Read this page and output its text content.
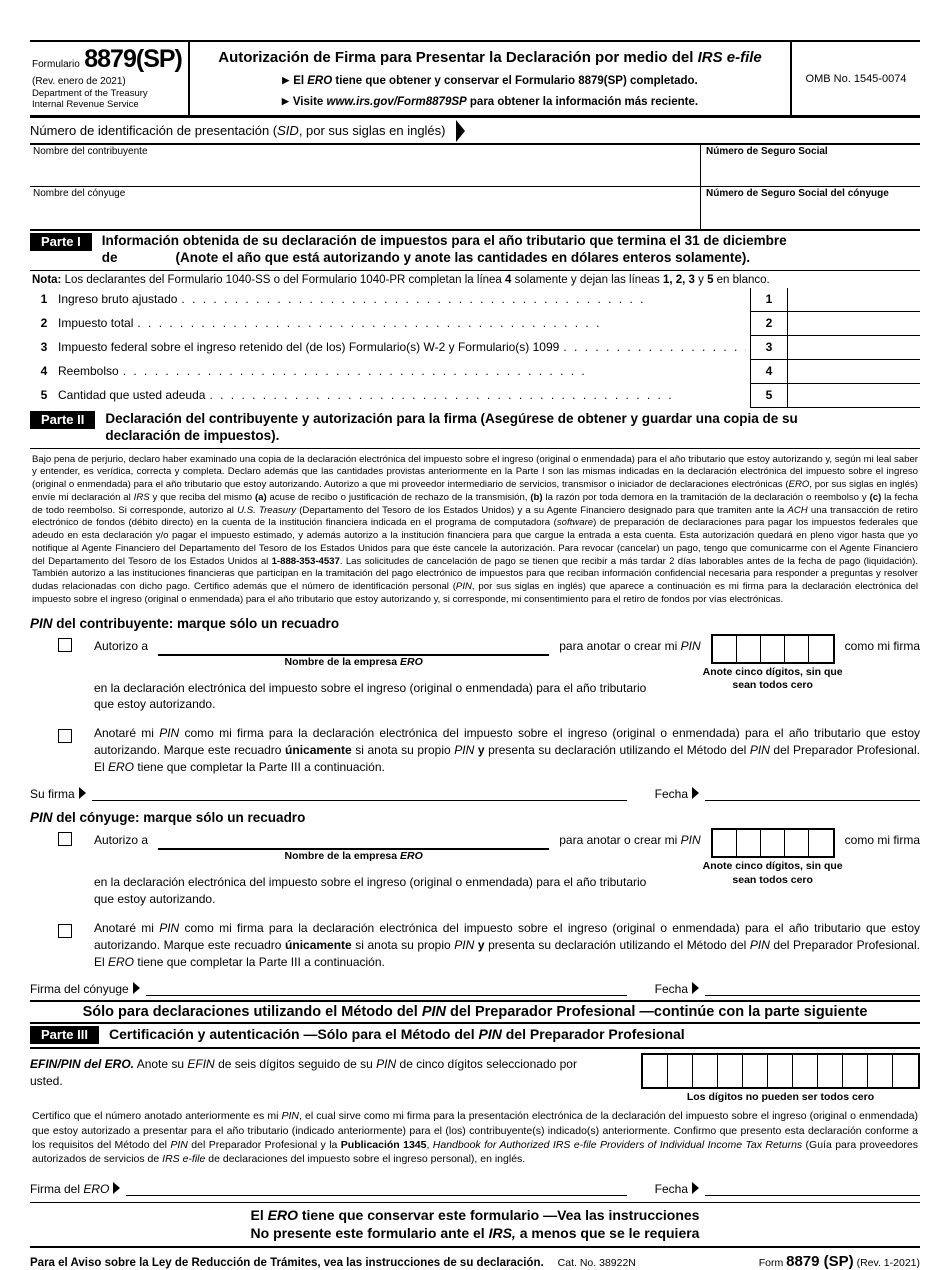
Formulario 8879(SP)
(Rev. enero de 2021)
Department of the Treasury
Internal Revenue Service
Autorización de Firma para Presentar la Declaración por medio del IRS e-file
▶ El ERO tiene que obtener y conservar el Formulario 8879(SP) completado.
▶ Visite www.irs.gov/Form8879SP para obtener la información más reciente.
OMB No. 1545-0074
Número de identificación de presentación (SID, por sus siglas en inglés)
Nombre del contribuyente	Número de Seguro Social
Nombre del cónyuge	Número de Seguro Social del cónyuge
Parte I	Información obtenida de su declaración de impuestos para el año tributario que termina el 31 de diciembre
de	(Anote el año que está autorizando y anote las cantidades en dólares enteros solamente).
Nota: Los declarantes del Formulario 1040-SS o del Formulario 1040-PR completan la línea 4 solamente y dejan las líneas 1, 2, 3 y 5 en blanco.
1 Ingreso bruto ajustado . .	1
2 Impuesto total . .	2
3 Impuesto federal sobre el ingreso retenido del (de los) Formulario(s) W-2 y Formulario(s) 1099 . .	3
4 Reembolso . .	4
5 Cantidad que usted adeuda . .	5
Parte II	Declaración del contribuyente y autorización para la firma (Asegúrese de obtener y guardar una copia de su declaración de impuestos).
Bajo pena de perjurio, declaro haber examinado una copia de la declaración electrónica del impuesto sobre el ingreso (original o enmendada) para el año tributario que estoy autorizando y, según mi leal saber y entender, es verídica, correcta y completa. Declaro además que las cantidades provistas anteriormente en la Parte I son las mismas indicadas en la declaración electrónica del impuesto sobre el ingreso (original o enmendada) para el año tributario que estoy autorizando. Autorizo a que mi proveedor intermediario de servicios, transmisor o iniciador de declaraciones electrónicas (ERO, por sus siglas en inglés) envíe mi declaración al IRS y que reciba del mismo (a) acuse de recibo o justificación de rechazo de la transmisión, (b) la razón por toda demora en la tramitación de la declaración o reembolso y (c) la fecha de todo reembolso. Si corresponde, autorizo al U.S. Treasury (Departamento del Tesoro de los Estados Unidos) y a su Agente Financiero designado para que tramiten ante la ACH una transacción de retiro electrónico de fondos (débito directo) en la cuenta de la institución financiera indicada en el programa de computadora (software) de preparación de declaraciones para pagar los impuestos federales que adeudo en esta declaración y/o pagar el impuesto estimado, y además autorizo a la institución financiera para que cargue la entrada a esta cuenta. Esta autorización quedará en pleno vigor hasta que yo notifique al Agente Financiero del Departamento del Tesoro de los Estados Unidos para que éste cancele la autorización. Para revocar (cancelar) un pago, tengo que comunicarme con el Agente Financiero del Departamento del Tesoro de los Estados Unidos al 1-888-353-4537. Las solicitudes de cancelación de pago se tienen que recibir a más tardar 2 días laborables antes de la fecha de pago (liquidación). También autorizo a las instituciones financieras que participan en la tramitación del pago electrónico de impuestos para que reciban información confidencial necesaria para responder a preguntas y resolver dudas relacionadas con dicho pago. Certifico además que el número de identificación personal (PIN, por sus siglas en inglés) que aparece a continuación es mi firma para la declaración electrónica del impuesto sobre el ingreso (original o enmendada) para el año tributario que estoy autorizando y, si corresponde, mi consentimiento para el retiro de fondos por vías electrónicas.
PIN del contribuyente: marque sólo un recuadro
Autorizo a
Nombre de la empresa ERO
para anotar o crear mi PIN
Anote cinco dígitos, sin que sean todos cero
como mi firma
en la declaración electrónica del impuesto sobre el ingreso (original o enmendada) para el año tributario que estoy autorizando.
Anotaré mi PIN como mi firma para la declaración electrónica del impuesto sobre el ingreso (original o enmendada) para el año tributario que estoy autorizando. Marque este recuadro únicamente si anota su propio PIN y presenta su declaración utilizando el Método del PIN del Preparador Profesional. El ERO tiene que completar la Parte III a continuación.
Su firma	Fecha
PIN del cónyuge: marque sólo un recuadro
Autorizo a
Nombre de la empresa ERO
para anotar o crear mi PIN
Anote cinco dígitos, sin que sean todos cero
como mi firma
en la declaración electrónica del impuesto sobre el ingreso (original o enmendada) para el año tributario que estoy autorizando.
Anotaré mi PIN como mi firma para la declaración electrónica del impuesto sobre el ingreso (original o enmendada) para el año tributario que estoy autorizando. Marque este recuadro únicamente si anota su propio PIN y presenta su declaración utilizando el Método del PIN del Preparador Profesional. El ERO tiene que completar la Parte III a continuación.
Firma del cónyuge	Fecha
Sólo para declaraciones utilizando el Método del PIN del Preparador Profesional —continúe con la parte siguiente
Parte III	Certificación y autenticación —Sólo para el Método del PIN del Preparador Profesional
EFIN/PIN del ERO. Anote su EFIN de seis dígitos seguido de su PIN de cinco dígitos seleccionado por usted.
Los dígitos no pueden ser todos cero
Certifico que el número anotado anteriormente es mi PIN, el cual sirve como mi firma para la presentación electrónica de la declaración del impuesto sobre el ingreso (original o enmendada) que estoy autorizado a presentar para el año tributario (indicado anteriormente) para el (los) contribuyente(s) indicado(s) anteriormente. Confirmo que presento esta declaración conforme a los requisitos del Método del PIN del Preparador Profesional y la Publicación 1345, Handbook for Authorized IRS e-file Providers of Individual Income Tax Returns (Guía para proveedores autorizados de servicios de IRS e-file de declaraciones del impuesto sobre el ingreso personal), en inglés.
Firma del ERO	Fecha
El ERO tiene que conservar este formulario —Vea las instrucciones
No presente este formulario ante el IRS, a menos que se le requiera
Para el Aviso sobre la Ley de Reducción de Trámites, vea las instrucciones de su declaración. Cat. No. 38922N	Form 8879 (SP) (Rev. 1-2021)
